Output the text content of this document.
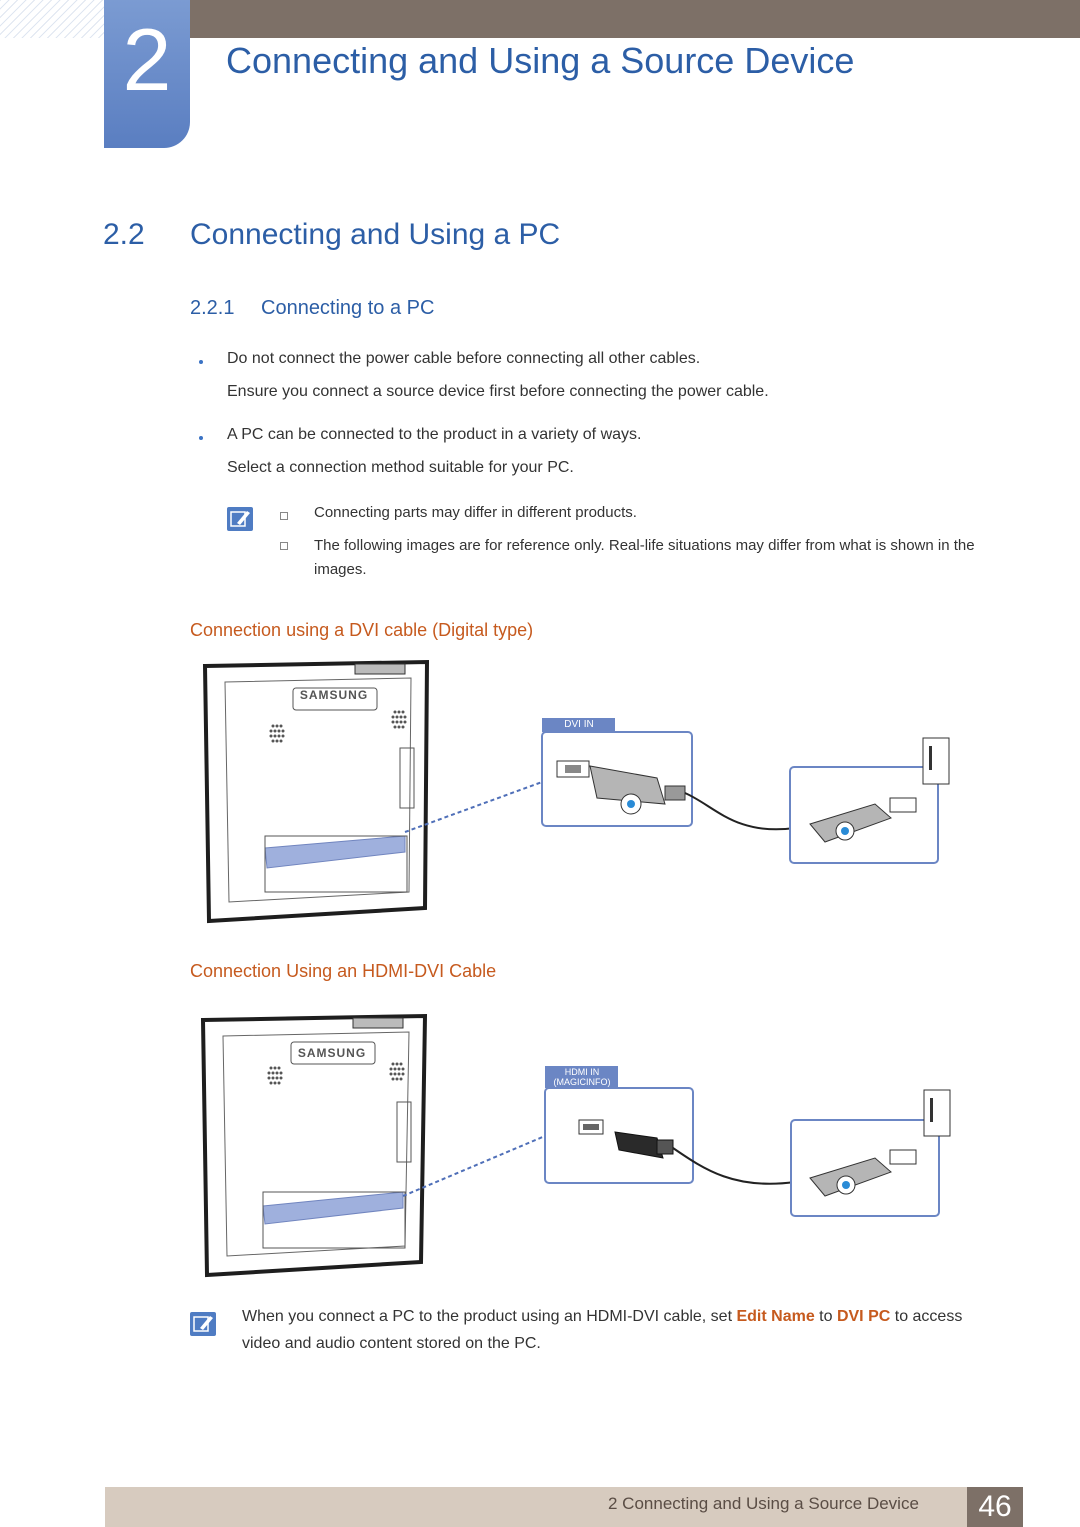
2	Connecting and Using a Source Device
2.2 Connecting and Using a PC
2.2.1 Connecting to a PC
Do not connect the power cable before connecting all other cables.
Ensure you connect a source device first before connecting the power cable.
A PC can be connected to the product in a variety of ways.
Select a connection method suitable for your PC.
Connecting parts may differ in different products.
The following images are for reference only. Real-life situations may differ from what is shown in the images.
Connection using a DVI cable (Digital type)
SAMSUNG
DVI IN
Connection Using an HDMI-DVI Cable
SAMSUNG
HDMI IN
(MAGICINFO)
When you connect a PC to the product using an HDMI-DVI cable, set Edit Name to DVI PC to access
video and audio content stored on the PC.
2 Connecting and Using a Source Device	46
